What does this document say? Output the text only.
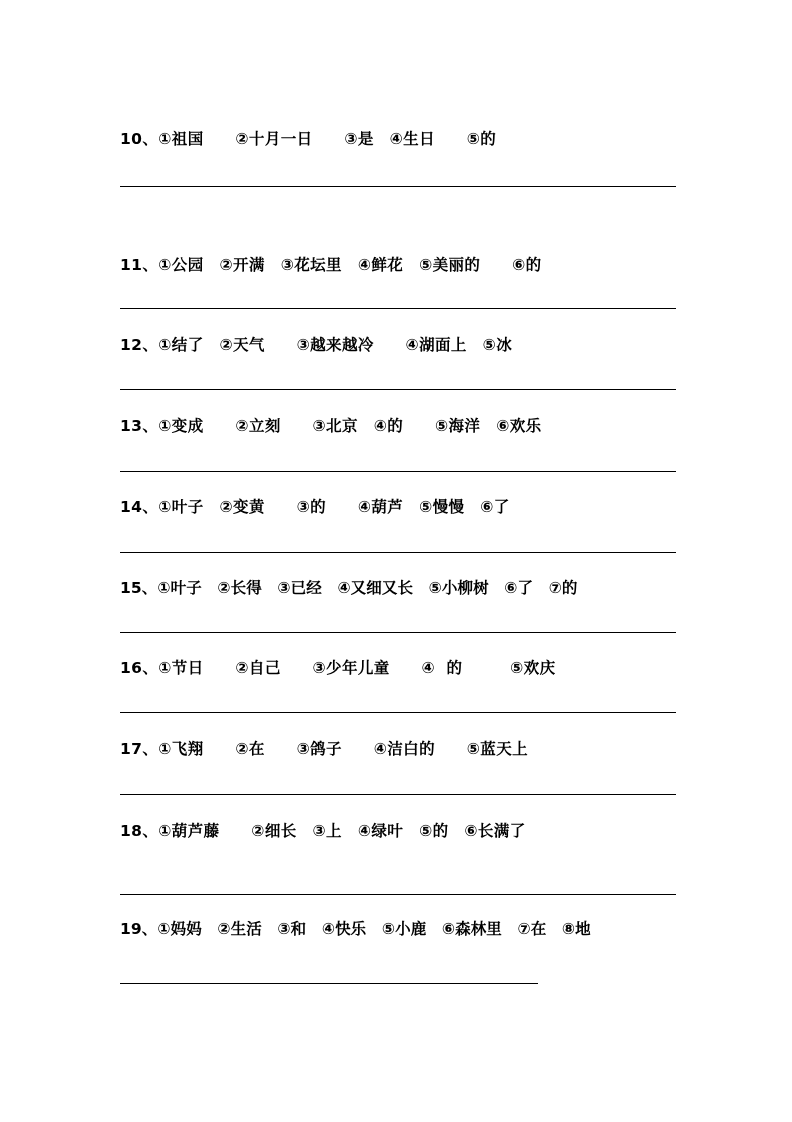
10、①祖国　　②十月一日　　③是　④生日　　⑤的
11、①公园　②开满　③花坛里　④鲜花　⑤美丽的　　⑥的
12、①结了　②天气　　③越来越冷　　④湖面上　⑤冰
13、①变成　　②立刻　　③北京　④的　　⑤海洋　⑥欢乐
14、①叶子　②变黄　　③的　　④葫芦　⑤慢慢　⑥了
15、①叶子　②长得　③已经　④又细又长　⑤小柳树　⑥了　⑦的
16、①节日　　②自己　　③少年儿童　　④  的　　　⑤欢庆
17、①飞翔　　②在　　③鸽子　　④洁白的　　⑤蓝天上
18、①葫芦藤　　②细长　③上　④绿叶　⑤的　⑥长满了
19、①妈妈　②生活　③和　④快乐　⑤小鹿　⑥森林里　⑦在　⑧地
